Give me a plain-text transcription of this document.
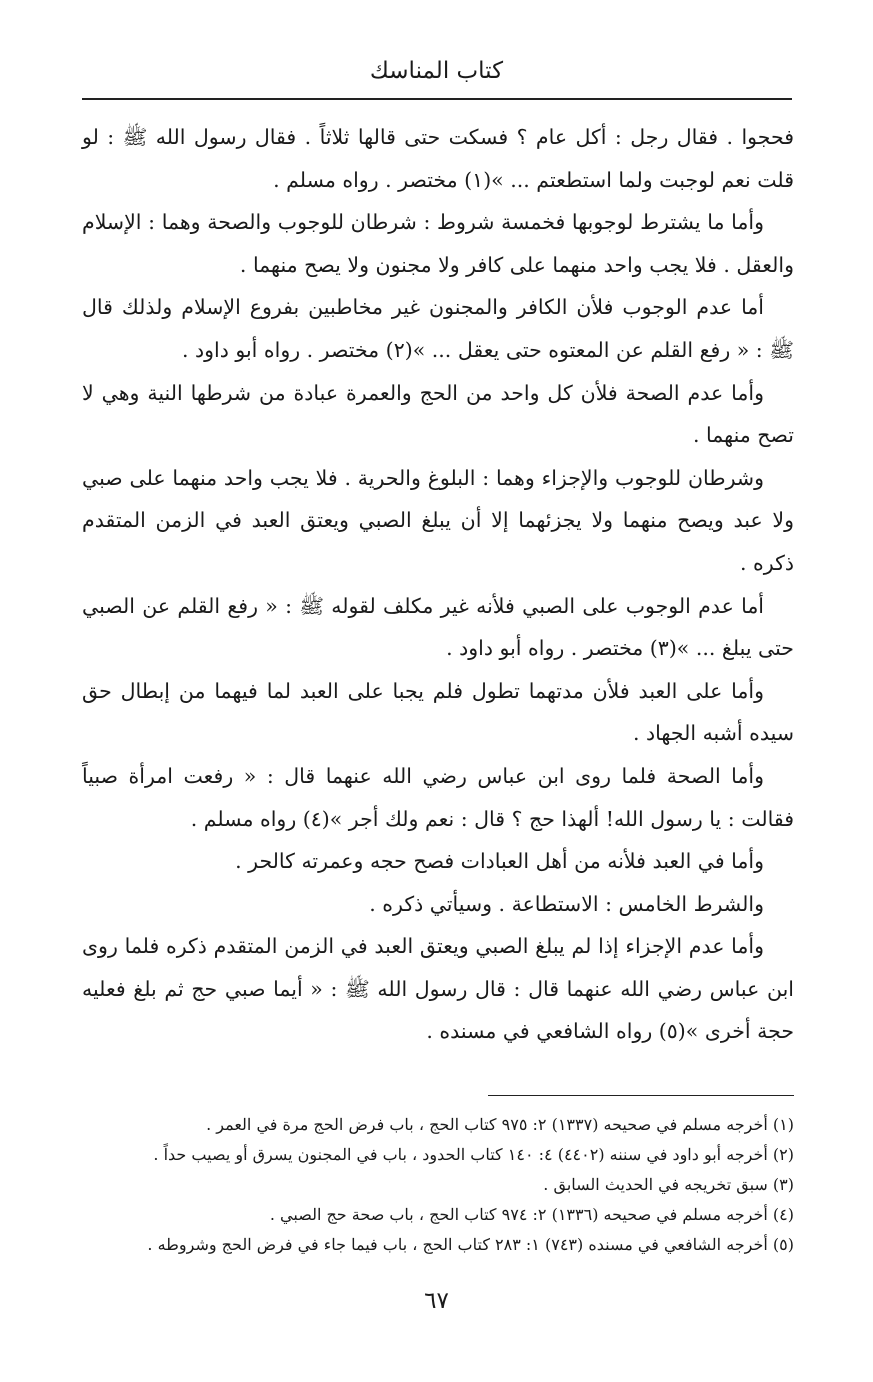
كتاب المناسك

فحجوا . فقال رجل : أكل عام ؟ فسكت حتى قالها ثلاثاً . فقال رسول الله ﷺ : لو قلت نعم لوجبت ولما استطعتم ... »(١) مختصر . رواه مسلم .

وأما ما يشترط لوجوبها فخمسة شروط : شرطان للوجوب والصحة وهما : الإسلام والعقل . فلا يجب واحد منهما على كافر ولا مجنون ولا يصح منهما .

أما عدم الوجوب فلأن الكافر والمجنون غير مخاطبين بفروع الإسلام ولذلك قال ﷺ : « رفع القلم عن المعتوه حتى يعقل ... »(٢) مختصر . رواه أبو داود .

وأما عدم الصحة فلأن كل واحد من الحج والعمرة عبادة من شرطها النية وهي لا تصح منهما .

وشرطان للوجوب والإجزاء وهما : البلوغ والحرية . فلا يجب واحد منهما على صبي ولا عبد ويصح منهما ولا يجزئهما إلا أن يبلغ الصبي ويعتق العبد في الزمن المتقدم ذكره .

أما عدم الوجوب على الصبي فلأنه غير مكلف لقوله ﷺ : « رفع القلم عن الصبي حتى يبلغ ... »(٣) مختصر . رواه أبو داود .

وأما على العبد فلأن مدتهما تطول فلم يجبا على العبد لما فيهما من إبطال حق سيده أشبه الجهاد .

وأما الصحة فلما روى ابن عباس رضي الله عنهما قال : « رفعت امرأة صبياً فقالت : يا رسول الله! ألهذا حج ؟ قال : نعم ولك أجر »(٤) رواه مسلم .

وأما في العبد فلأنه من أهل العبادات فصح حجه وعمرته كالحر .

والشرط الخامس : الاستطاعة . وسيأتي ذكره .

وأما عدم الإجزاء إذا لم يبلغ الصبي ويعتق العبد في الزمن المتقدم ذكره فلما روى ابن عباس رضي الله عنهما قال : قال رسول الله ﷺ : « أيما صبي حج ثم بلغ فعليه حجة أخرى »(٥) رواه الشافعي في مسنده .

(١) أخرجه مسلم في صحيحه (١٣٣٧) ٢: ٩٧٥ كتاب الحج ، باب فرض الحج مرة في العمر .
(٢) أخرجه أبو داود في سننه (٤٤٠٢) ٤: ١٤٠ كتاب الحدود ، باب في المجنون يسرق أو يصيب حداً .
(٣) سبق تخريجه في الحديث السابق .
(٤) أخرجه مسلم في صحيحه (١٣٣٦) ٢: ٩٧٤ كتاب الحج ، باب صحة حج الصبي .
(٥) أخرجه الشافعي في مسنده (٧٤٣) ١: ٢٨٣ كتاب الحج ، باب فيما جاء في فرض الحج وشروطه .
٦٧
